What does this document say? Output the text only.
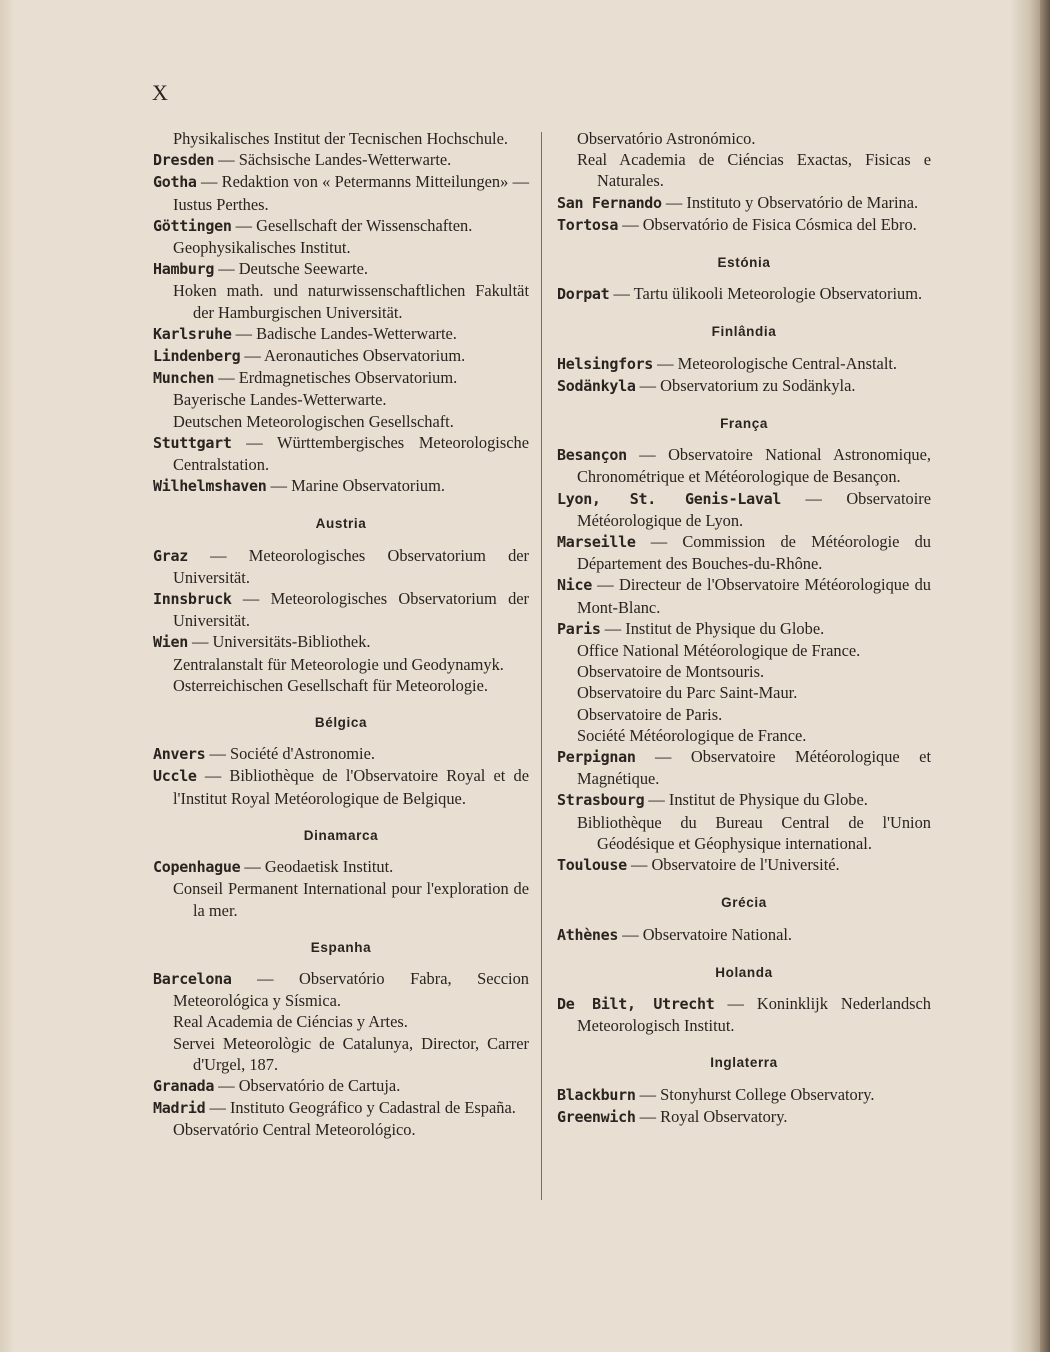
X
Physikalisches Institut der Tecnischen Hochschule.
Dresden — Sächsische Landes-Wetterwarte.
Gotha — Redaktion von « Petermanns Mitteilungen» — Iustus Perthes.
Göttingen — Gesellschaft der Wissenschaften.
Geophysikalisches Institut.
Hamburg — Deutsche Seewarte.
Hoken math. und naturwissenschaftlichen Fakultät der Hamburgischen Universität.
Karlsruhe — Badische Landes-Wetterwarte.
Lindenberg — Aeronautiches Observatorium.
Munchen — Erdmagnetisches Observatorium.
Bayerische Landes-Wetterwarte.
Deutschen Meteorologischen Gesellschaft.
Stuttgart — Württembergisches Meteorologische Centralstation.
Wilhelmshaven — Marine Observatorium.
Austria
Graz — Meteorologisches Observatorium der Universität.
Innsbruck — Meteorologisches Observatorium der Universität.
Wien — Universitäts-Bibliothek.
Zentralanstalt für Meteorologie und Geodynamyk.
Osterreichischen Gesellschaft für Meteorologie.
Bélgica
Anvers — Société d'Astronomie.
Uccle — Bibliothèque de l'Observatoire Royal et de l'Institut Royal Metéorologique de Belgique.
Dinamarca
Copenhague — Geodaetisk Institut.
Conseil Permanent International pour l'exploration de la mer.
Espanha
Barcelona — Observatório Fabra, Seccion Meteorológica y Sísmica.
Real Academia de Ciéncias y Artes.
Servei Meteorològic de Catalunya, Director, Carrer d'Urgel, 187.
Granada — Observatório de Cartuja.
Madrid — Instituto Geográfico y Cadastral de España.
Observatório Central Meteorológico.
Observatório Astronómico.
Real Academia de Ciéncias Exactas, Fisicas e Naturales.
San Fernando — Instituto y Observatório de Marina.
Tortosa — Observatório de Fisica Cósmica del Ebro.
Estónia
Dorpat — Tartu ülikooli Meteorologie Observatorium.
Finlândia
Helsingfors — Meteorologische Central-Anstalt.
Sodänkyla — Observatorium zu Sodänkyla.
França
Besançon — Observatoire National Astronomique, Chronométrique et Météorologique de Besançon.
Lyon, St. Genis-Laval — Observatoire Météorologique de Lyon.
Marseille — Commission de Météorologie du Département des Bouches-du-Rhône.
Nice — Directeur de l'Observatoire Météorologique du Mont-Blanc.
Paris — Institut de Physique du Globe.
Office National Météorologique de France.
Observatoire de Montsouris.
Observatoire du Parc Saint-Maur.
Observatoire de Paris.
Société Météorologique de France.
Perpignan — Observatoire Météorologique et Magnétique.
Strasbourg — Institut de Physique du Globe.
Bibliothèque du Bureau Central de l'Union Géodésique et Géophysique international.
Toulouse — Observatoire de l'Université.
Grécia
Athènes — Observatoire National.
Holanda
De Bilt, Utrecht — Koninklijk Nederlandsch Meteorologisch Institut.
Inglaterra
Blackburn — Stonyhurst College Observatory.
Greenwich — Royal Observatory.
